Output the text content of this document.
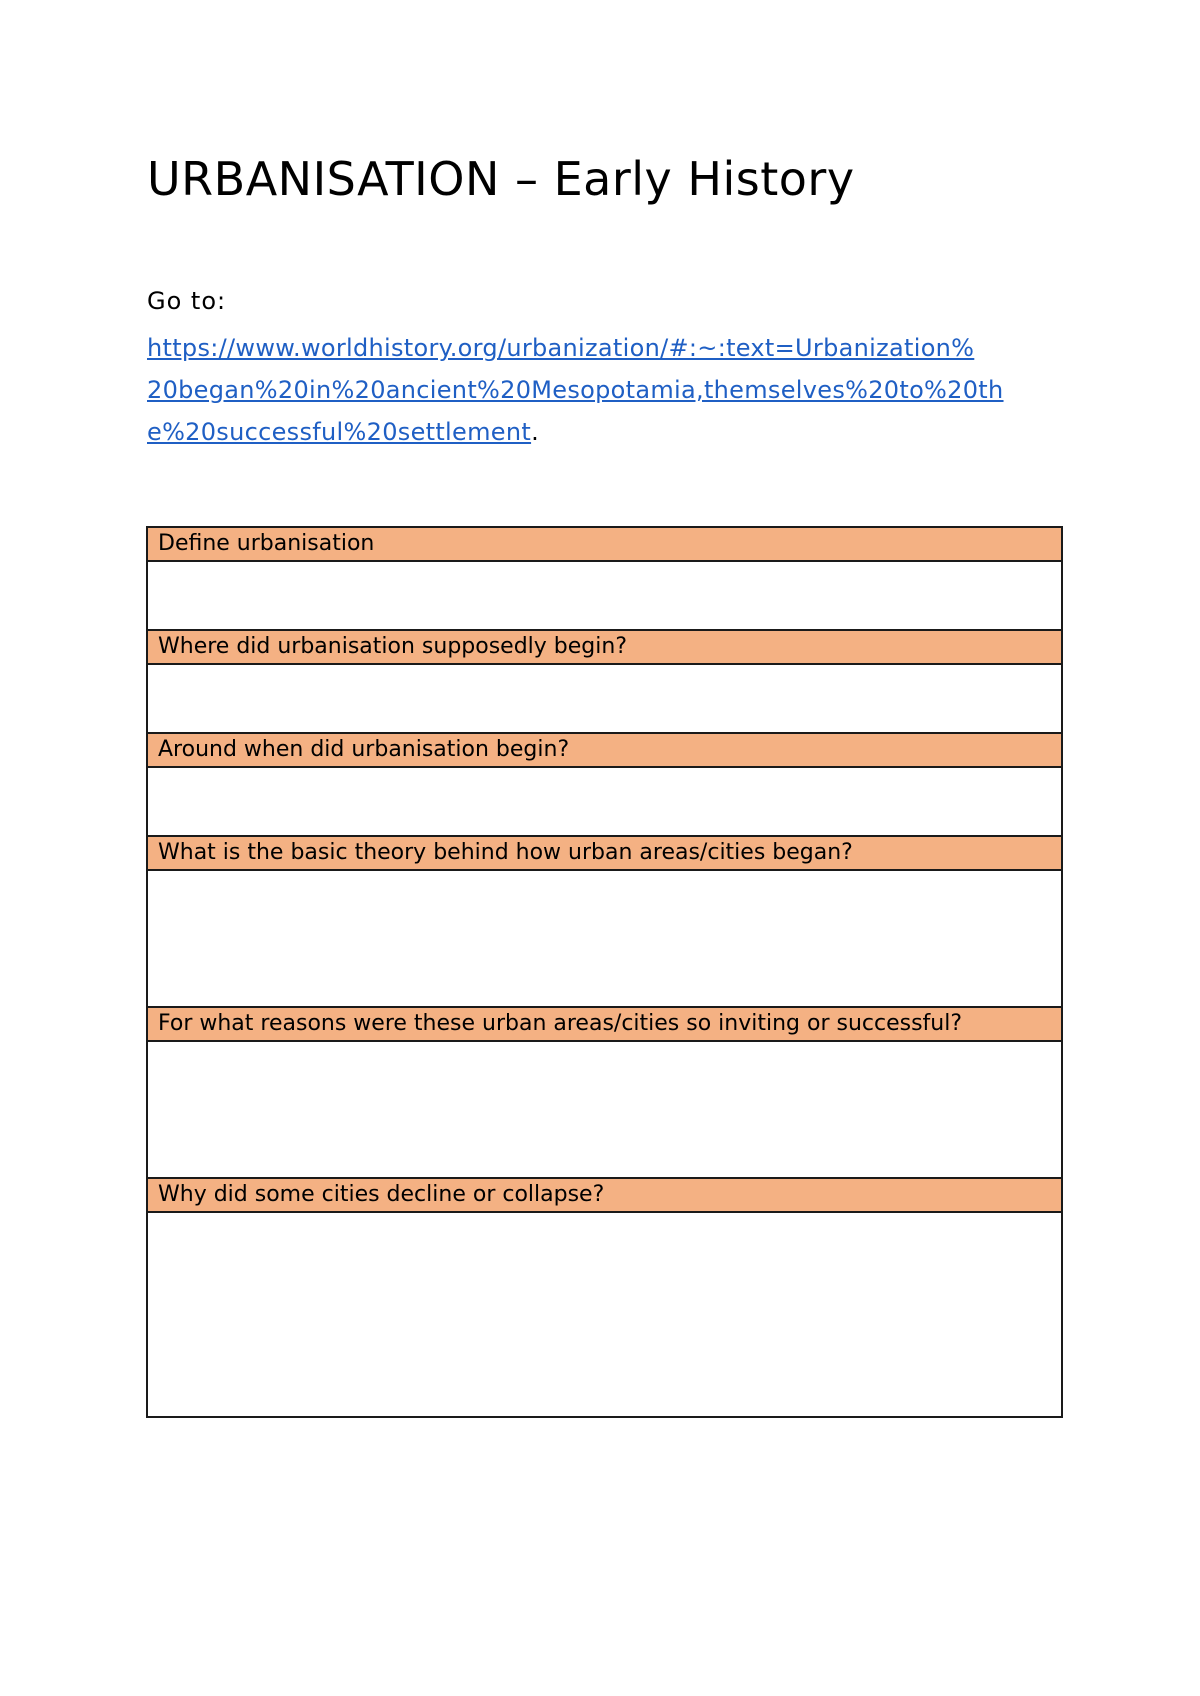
URBANISATION – Early History

Go to:

https://www.worldhistory.org/urbanization/#:~:text=Urbanization%
20began%20in%20ancient%20Mesopotamia,themselves%20to%20th
e%20successful%20settlement.

Define urbanisation

Where did urbanisation supposedly begin?

Around when did urbanisation begin?

What is the basic theory behind how urban areas/cities began?

For what reasons were these urban areas/cities so inviting or successful?

Why did some cities decline or collapse?
